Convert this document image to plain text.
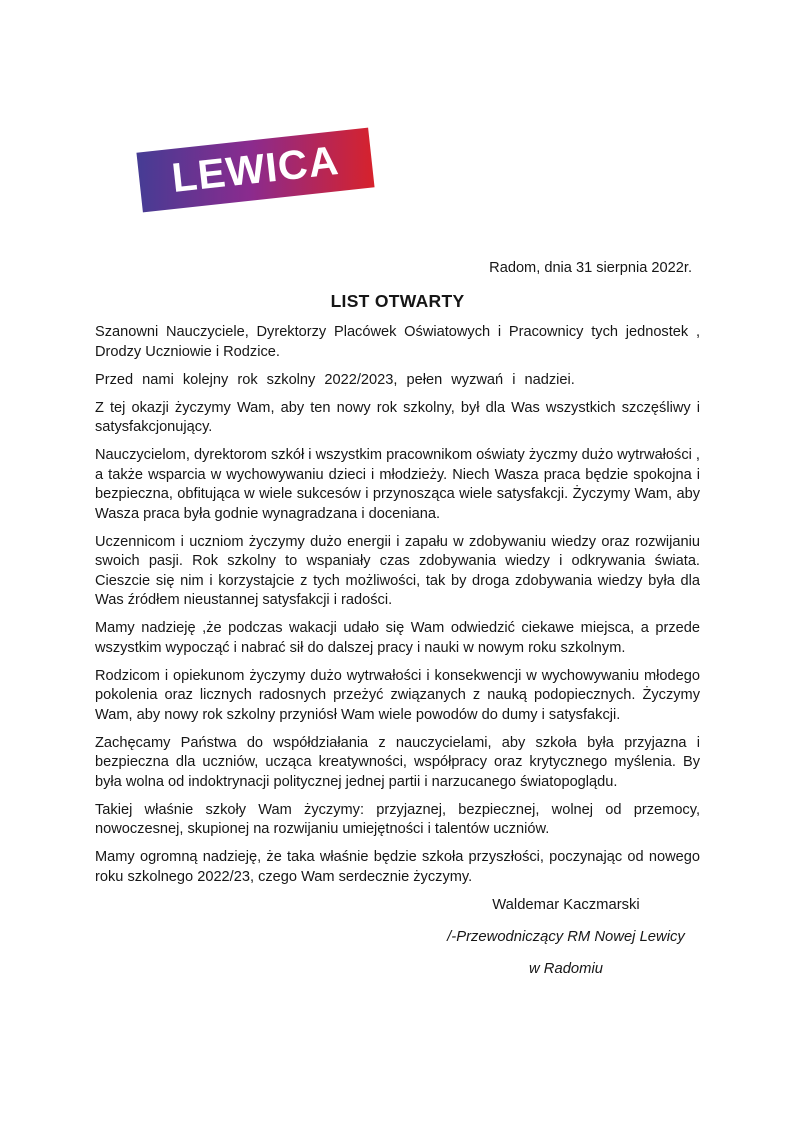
LEWICA
Radom, dnia 31 sierpnia 2022r.
LIST OTWARTY

Szanowni Nauczyciele, Dyrektorzy Placówek Oświatowych i Pracownicy tych jednostek , Drodzy Uczniowie i Rodzice.

Przed nami kolejny rok szkolny 2022/2023, pełen wyzwań i nadziei.

Z tej okazji życzymy Wam, aby ten nowy rok szkolny, był dla Was wszystkich szczęśliwy i satysfakcjonujący.

Nauczycielom, dyrektorom szkół i wszystkim pracownikom oświaty życzmy dużo wytrwałości , a także wsparcia w wychowywaniu dzieci i młodzieży. Niech Wasza praca będzie spokojna i bezpieczna, obfitująca w wiele sukcesów i przynosząca wiele satysfakcji. Życzymy Wam, aby Wasza praca była godnie wynagradzana i doceniana.

Uczennicom i uczniom życzymy dużo energii i zapału w zdobywaniu wiedzy oraz rozwijaniu swoich pasji. Rok szkolny to wspaniały czas zdobywania wiedzy i odkrywania świata. Cieszcie się nim i korzystajcie z tych możliwości, tak by droga zdobywania wiedzy była dla Was źródłem nieustannej satysfakcji i radości.

Mamy nadzieję ,że podczas wakacji udało się Wam odwiedzić ciekawe miejsca, a przede wszystkim wypocząć i nabrać sił do dalszej pracy i nauki w nowym roku szkolnym.

Rodzicom i opiekunom życzymy dużo wytrwałości i konsekwencji w wychowywaniu młodego pokolenia oraz licznych radosnych przeżyć związanych z nauką podopiecznych. Życzymy Wam, aby nowy rok szkolny przyniósł Wam wiele powodów do dumy i satysfakcji.

Zachęcamy Państwa do współdziałania z nauczycielami, aby szkoła była przyjazna i bezpieczna dla uczniów, ucząca kreatywności, współpracy oraz krytycznego myślenia. By była wolna od indoktrynacji politycznej jednej partii i narzucanego światopoglądu.

Takiej właśnie szkoły Wam życzymy: przyjaznej, bezpiecznej, wolnej od przemocy, nowoczesnej, skupionej na rozwijaniu umiejętności i talentów uczniów.

Mamy ogromną nadzieję, że taka właśnie będzie szkoła przyszłości, poczynając od nowego roku szkolnego 2022/23, czego Wam serdecznie życzymy.

Waldemar Kaczmarski
/-Przewodniczący RM Nowej Lewicy
w Radomiu
